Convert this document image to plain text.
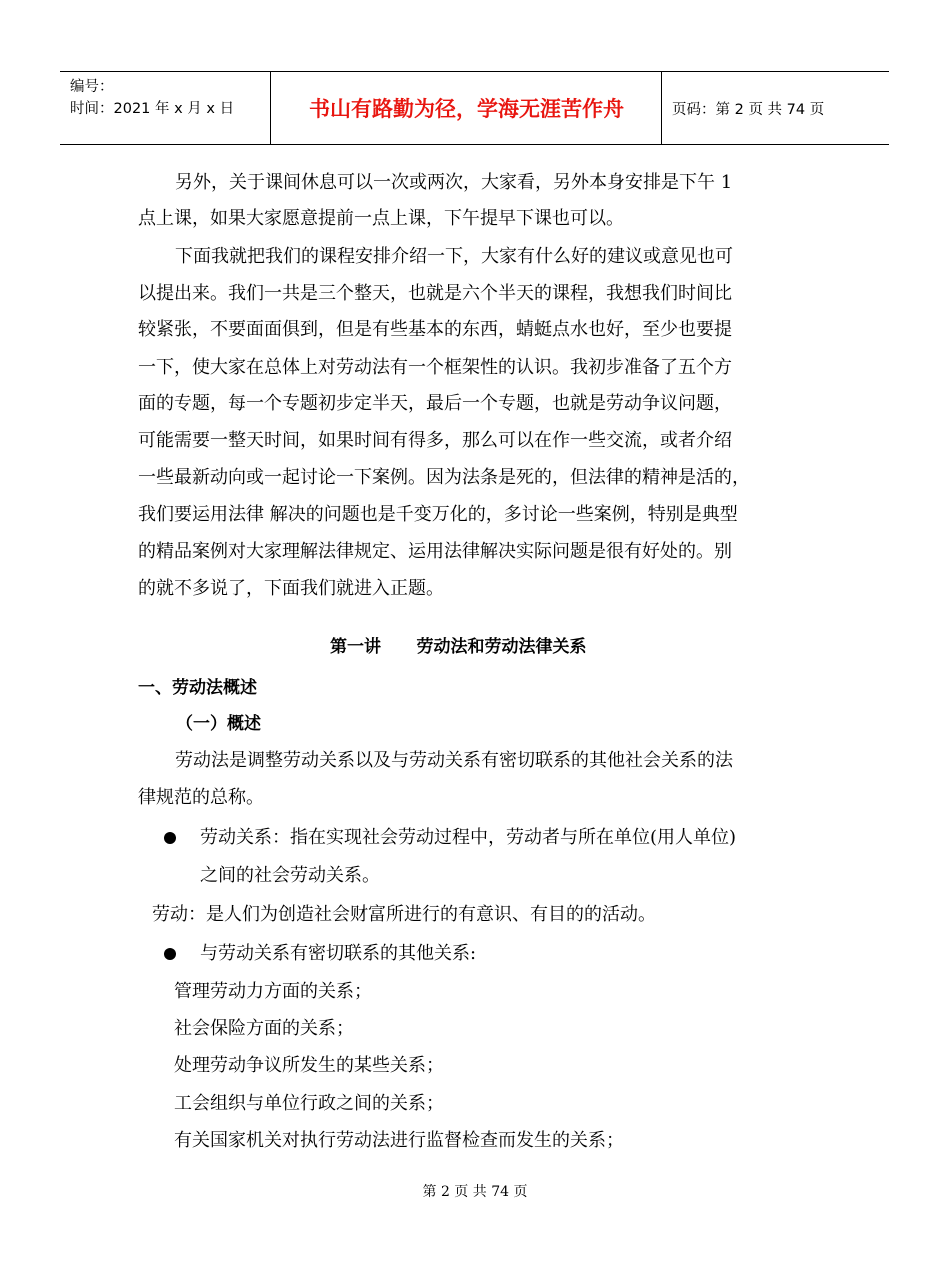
编号：
时间：2021 年 x 月 x 日	书山有路勤为径，学海无涯苦作舟	页码：第 2 页 共 74 页
另外，关于课间休息可以一次或两次，大家看，另外本身安排是下午 1
点上课，如果大家愿意提前一点上课，下午提早下课也可以。
下面我就把我们的课程安排介绍一下，大家有什么好的建议或意见也可
以提出来。我们一共是三个整天，也就是六个半天的课程，我想我们时间比
较紧张，不要面面俱到，但是有些基本的东西，蜻蜓点水也好，至少也要提
一下，使大家在总体上对劳动法有一个框架性的认识。我初步准备了五个方
面的专题，每一个专题初步定半天，最后一个专题，也就是劳动争议问题，
可能需要一整天时间，如果时间有得多，那么可以在作一些交流，或者介绍
一些最新动向或一起讨论一下案例。因为法条是死的，但法律的精神是活的，
我们要运用法律 解决的问题也是千变万化的，多讨论一些案例，特别是典型
的精品案例对大家理解法律规定、运用法律解决实际问题是很有好处的。别
的就不多说了，下面我们就进入正题。
第一讲      劳动法和劳动法律关系
一、劳动法概述
（一）概述
劳动法是调整劳动关系以及与劳动关系有密切联系的其他社会关系的法
律规范的总称。
劳动关系：指在实现社会劳动过程中，劳动者与所在单位(用人单位)
之间的社会劳动关系。
劳动：是人们为创造社会财富所进行的有意识、有目的的活动。
与劳动关系有密切联系的其他关系:
管理劳动力方面的关系；
社会保险方面的关系；
处理劳动争议所发生的某些关系；
工会组织与单位行政之间的关系；
有关国家机关对执行劳动法进行监督检查而发生的关系；
第 2 页 共 74 页
